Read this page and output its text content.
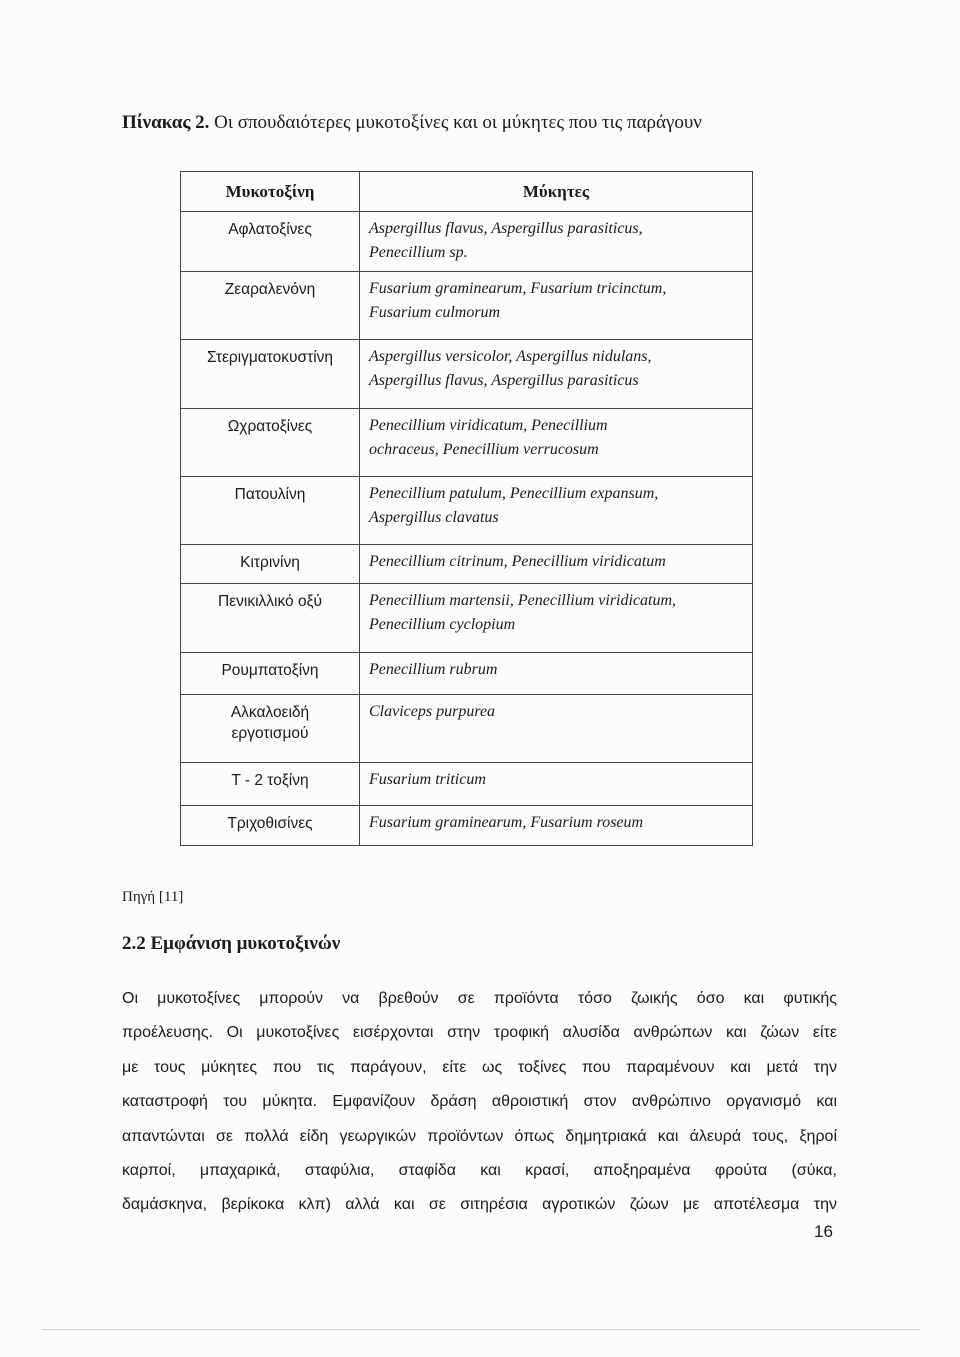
Πίνακας 2. Οι σπουδαιότερες μυκοτοξίνες και οι μύκητες που τις παράγουν
Μυκοτοξίνη	Μύκητες

Αφλατοξίνες	Aspergillus flavus, Aspergillus parasiticus,
Penecillium sp.

Ζεαραλενόνη	Fusarium graminearum, Fusarium tricinctum,
Fusarium culmorum

Στεριγματοκυστίνη	Aspergillus versicolor, Aspergillus nidulans,
Aspergillus flavus, Aspergillus parasiticus

Ωχρατοξίνες	Penecillium viridicatum, Penecillium
ochraceus, Penecillium verrucosum

Πατουλίνη	Penecillium patulum, Penecillium expansum,
Aspergillus clavatus

Κιτρινίνη	Penecillium citrinum, Penecillium viridicatum

Πενικιλλικό οξύ	Penecillium martensii, Penecillium viridicatum,
Penecillium cyclopium

Ρουμπατοξίνη	Penecillium rubrum

Αλκαλοειδή
εργοτισμού	Claviceps purpurea

Τ - 2 τοξίνη	Fusarium triticum

Τριχοθισίνες	Fusarium graminearum, Fusarium roseum

Πηγή [11]

2.2 Εμφάνιση μυκοτοξινών
Οι μυκοτοξίνες μπορούν να βρεθούν σε προϊόντα τόσο ζωικής όσο και φυτικής
προέλευσης. Οι μυκοτοξίνες εισέρχονται στην τροφική αλυσίδα ανθρώπων και ζώων είτε
με τους μύκητες που τις παράγουν, είτε ως τοξίνες που παραμένουν και μετά την
καταστροφή του μύκητα. Εμφανίζουν δράση αθροιστική στον ανθρώπινο οργανισμό και
απαντώνται σε πολλά είδη γεωργικών προϊόντων όπως δημητριακά και άλευρά τους, ξηροί
καρποί, μπαχαρικά, σταφύλια, σταφίδα και κρασί, αποξηραμένα φρούτα (σύκα,
δαμάσκηνα, βερίκοκα κλπ) αλλά και σε σιτηρέσια αγροτικών ζώων με αποτέλεσμα την
16
